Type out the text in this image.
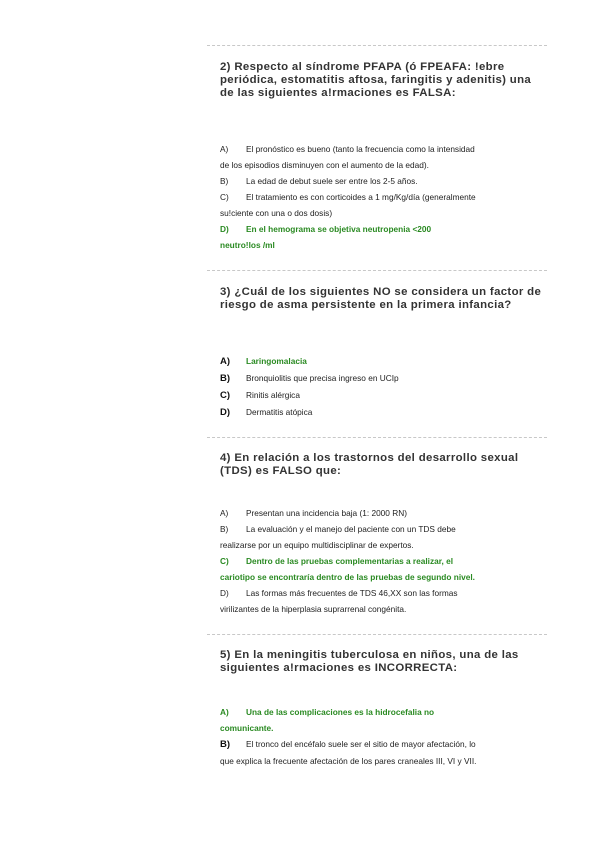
2) Respecto al síndrome PFAPA (ó FPEAFA: !ebre periódica, estomatitis aftosa, faringitis y adenitis) una de las siguientes a!rmaciones es FALSA:

A) El pronóstico es bueno (tanto la frecuencia como la intensidad
de los episodios disminuyen con el aumento de la edad).
B) La edad de debut suele ser entre los 2-5 años.
C) El tratamiento es con corticoides a 1 mg/Kg/día (generalmente
su!ciente con una o dos dosis)
D) En el hemograma se objetiva neutropenia <200
neutro!los /ml

3) ¿Cuál de los siguientes NO se considera un factor de riesgo de asma persistente en la primera infancia?

A) Laringomalacia
B) Bronquiolitis que precisa ingreso en UCIp
C) Rinitis alérgica
D) Dermatitis atópica

4) En relación a los trastornos del desarrollo sexual (TDS) es FALSO que:

A) Presentan una incidencia baja (1: 2000 RN)
B) La evaluación y el manejo del paciente con un TDS debe
realizarse por un equipo multidisciplinar de expertos.
C) Dentro de las pruebas complementarias a realizar, el
cariotipo se encontraría dentro de las pruebas de segundo nivel.
D) Las formas más frecuentes de TDS 46,XX son las formas
virilizantes de la hiperplasia suprarrenal congénita.

5) En la meningitis tuberculosa en niños, una de las siguientes a!rmaciones es INCORRECTA:

A) Una de las complicaciones es la hidrocefalia no
comunicante.
B) El tronco del encéfalo suele ser el sitio de mayor afectación, lo
que explica la frecuente afectación de los pares craneales III, VI y VII.
